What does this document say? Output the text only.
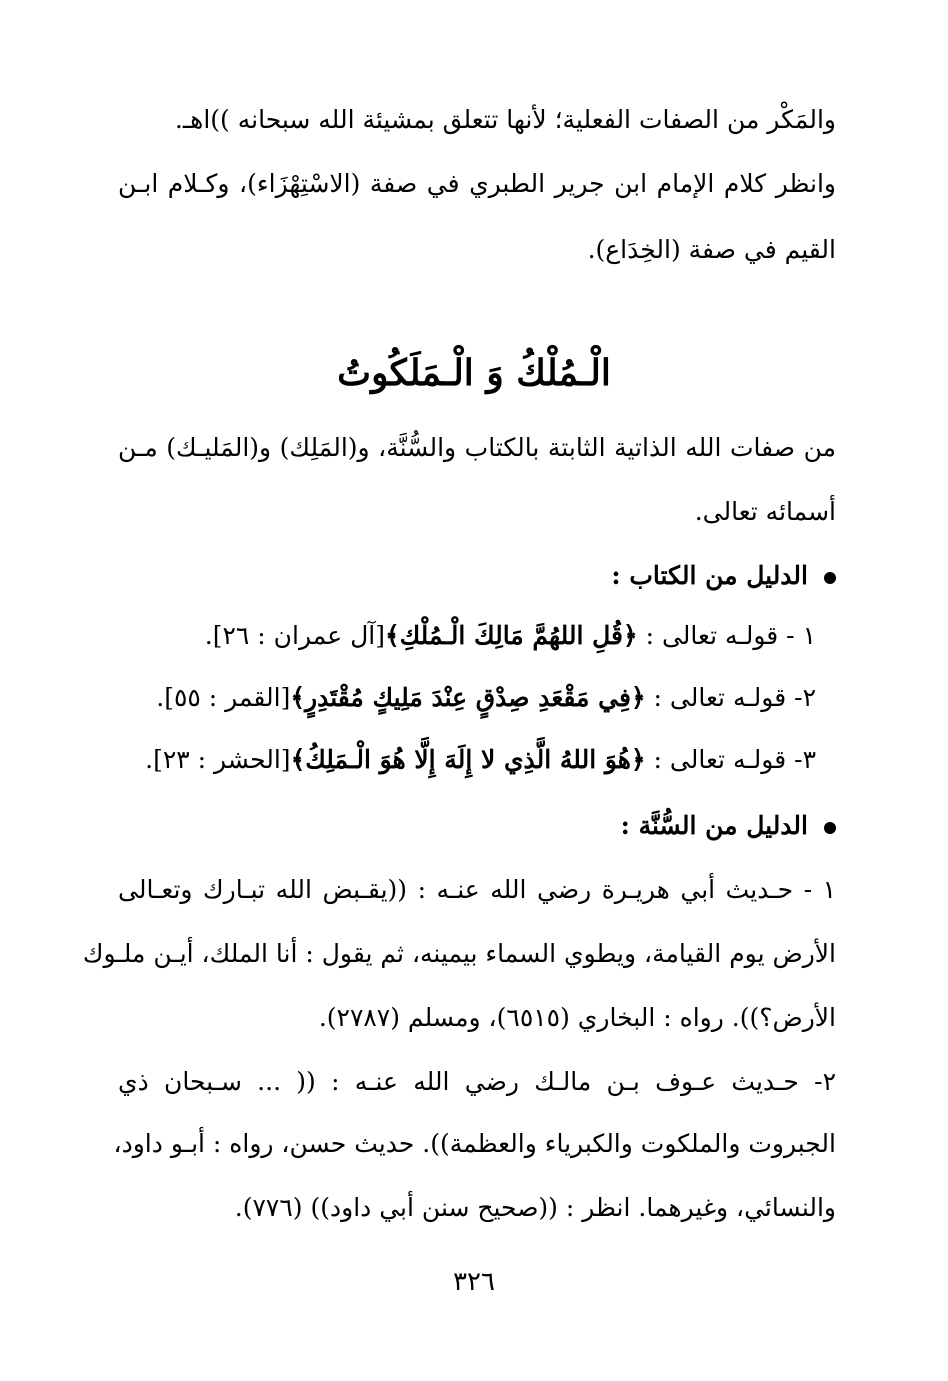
والمَكْر من الصفات الفعلية؛ لأنها تتعلق بمشيئة الله سبحانه ))اهـ.
وانظر كلام الإمام ابن جرير الطبري في صفة (الاسْتِهْزَاء)، وكـلام ابـن
القيم في صفة (الخِدَاع).
الْـمُلْكُ وَ الْـمَلَكُوتُ
من صفات الله الذاتية الثابتة بالكتاب والسُّنَّة، و(المَلِك) و(المَليـك) مـن
أسمائه تعالى.
الدليل من الكتاب :
١ - قولـه تعالى : ﴿قُلِ اللهُمَّ مَالِكَ الْـمُلْكِ﴾[آل عمران : ٢٦].
٢- قولـه تعالى : ﴿فِي مَقْعَدِ صِدْقٍ عِنْدَ مَلِيكٍ مُقْتَدِرٍ﴾[القمر : ٥٥].
٣- قولـه تعالى : ﴿هُوَ اللهُ الَّذِي لا إِلَهَ إِلَّا هُوَ الْـمَلِكُ﴾[الحشر : ٢٣].
الدليل من السُّنَّة :
١ - حـديث أبي هريـرة رضي الله عنـه : ((يقـبض الله تبـارك وتعـالى
الأرض يوم القيامة، ويطوي السماء بيمينه، ثم يقول : أنا الملك، أيـن ملـوك
الأرض؟)). رواه : البخاري (٦٥١٥)، ومسلم (٢٧٨٧).
٢- حـديث عـوف بـن مالـك رضي الله عنـه : (( ... سـبحان ذي
الجبروت والملكوت والكبرياء والعظمة)). حديث حسن، رواه : أبـو داود،
والنسائي، وغيرهما. انظر : ((صحيح سنن أبي داود)) (٧٧٦).
٣٢٦
